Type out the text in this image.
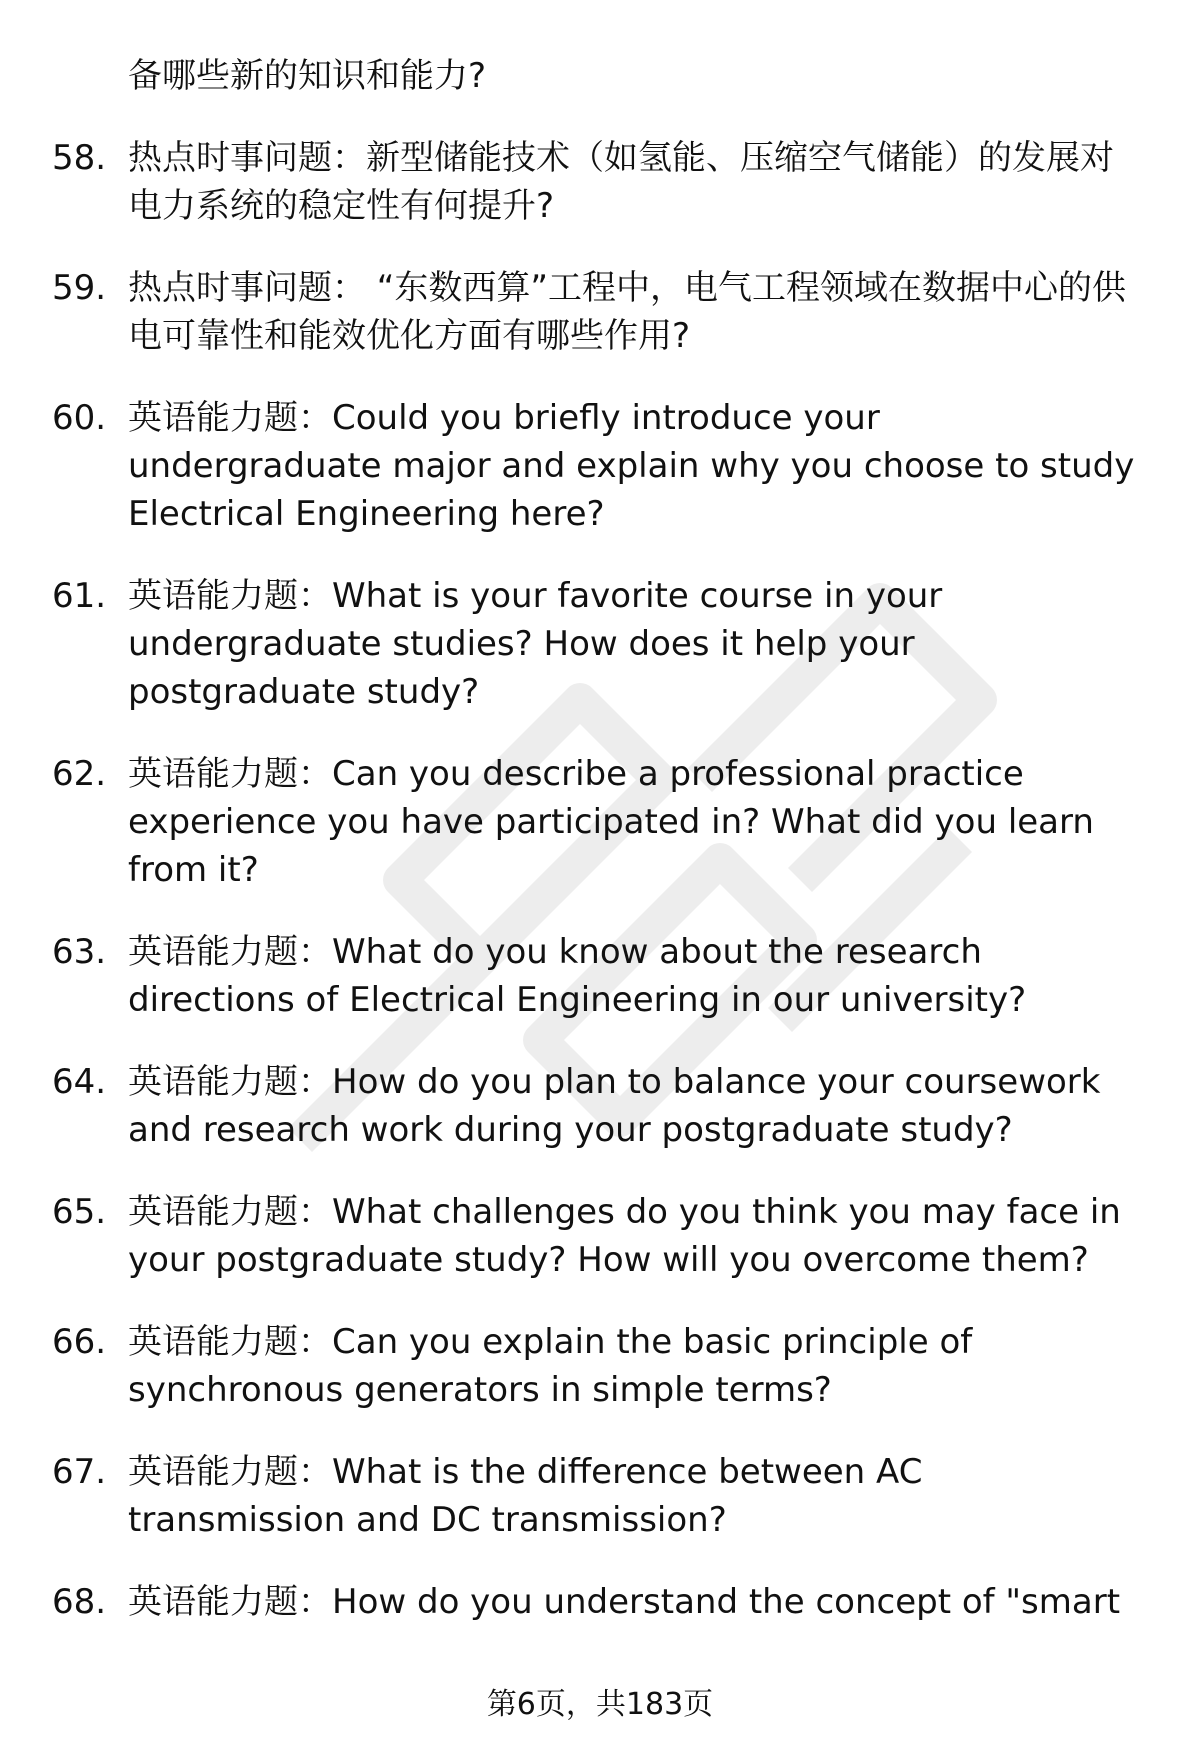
备哪些新的知识和能力?
58. 热点时事问题：新型储能技术（如氢能、压缩空气储能）的发展对电力系统的稳定性有何提升?
59. 热点时事问题： “东数西算”工程中，电气工程领域在数据中心的供电可靠性和能效优化方面有哪些作用?
60. 英语能力题：Could you briefly introduce your undergraduate major and explain why you choose to study Electrical Engineering here?
61. 英语能力题：What is your favorite course in your undergraduate studies? How does it help your postgraduate study?
62. 英语能力题：Can you describe a professional practice experience you have participated in? What did you learn from it?
63. 英语能力题：What do you know about the research directions of Electrical Engineering in our university?
64. 英语能力题：How do you plan to balance your coursework and research work during your postgraduate study?
65. 英语能力题：What challenges do you think you may face in your postgraduate study? How will you overcome them?
66. 英语能力题：Can you explain the basic principle of synchronous generators in simple terms?
67. 英语能力题：What is the difference between AC transmission and DC transmission?
68. 英语能力题：How do you understand the concept of "smart
第6页，共183页
